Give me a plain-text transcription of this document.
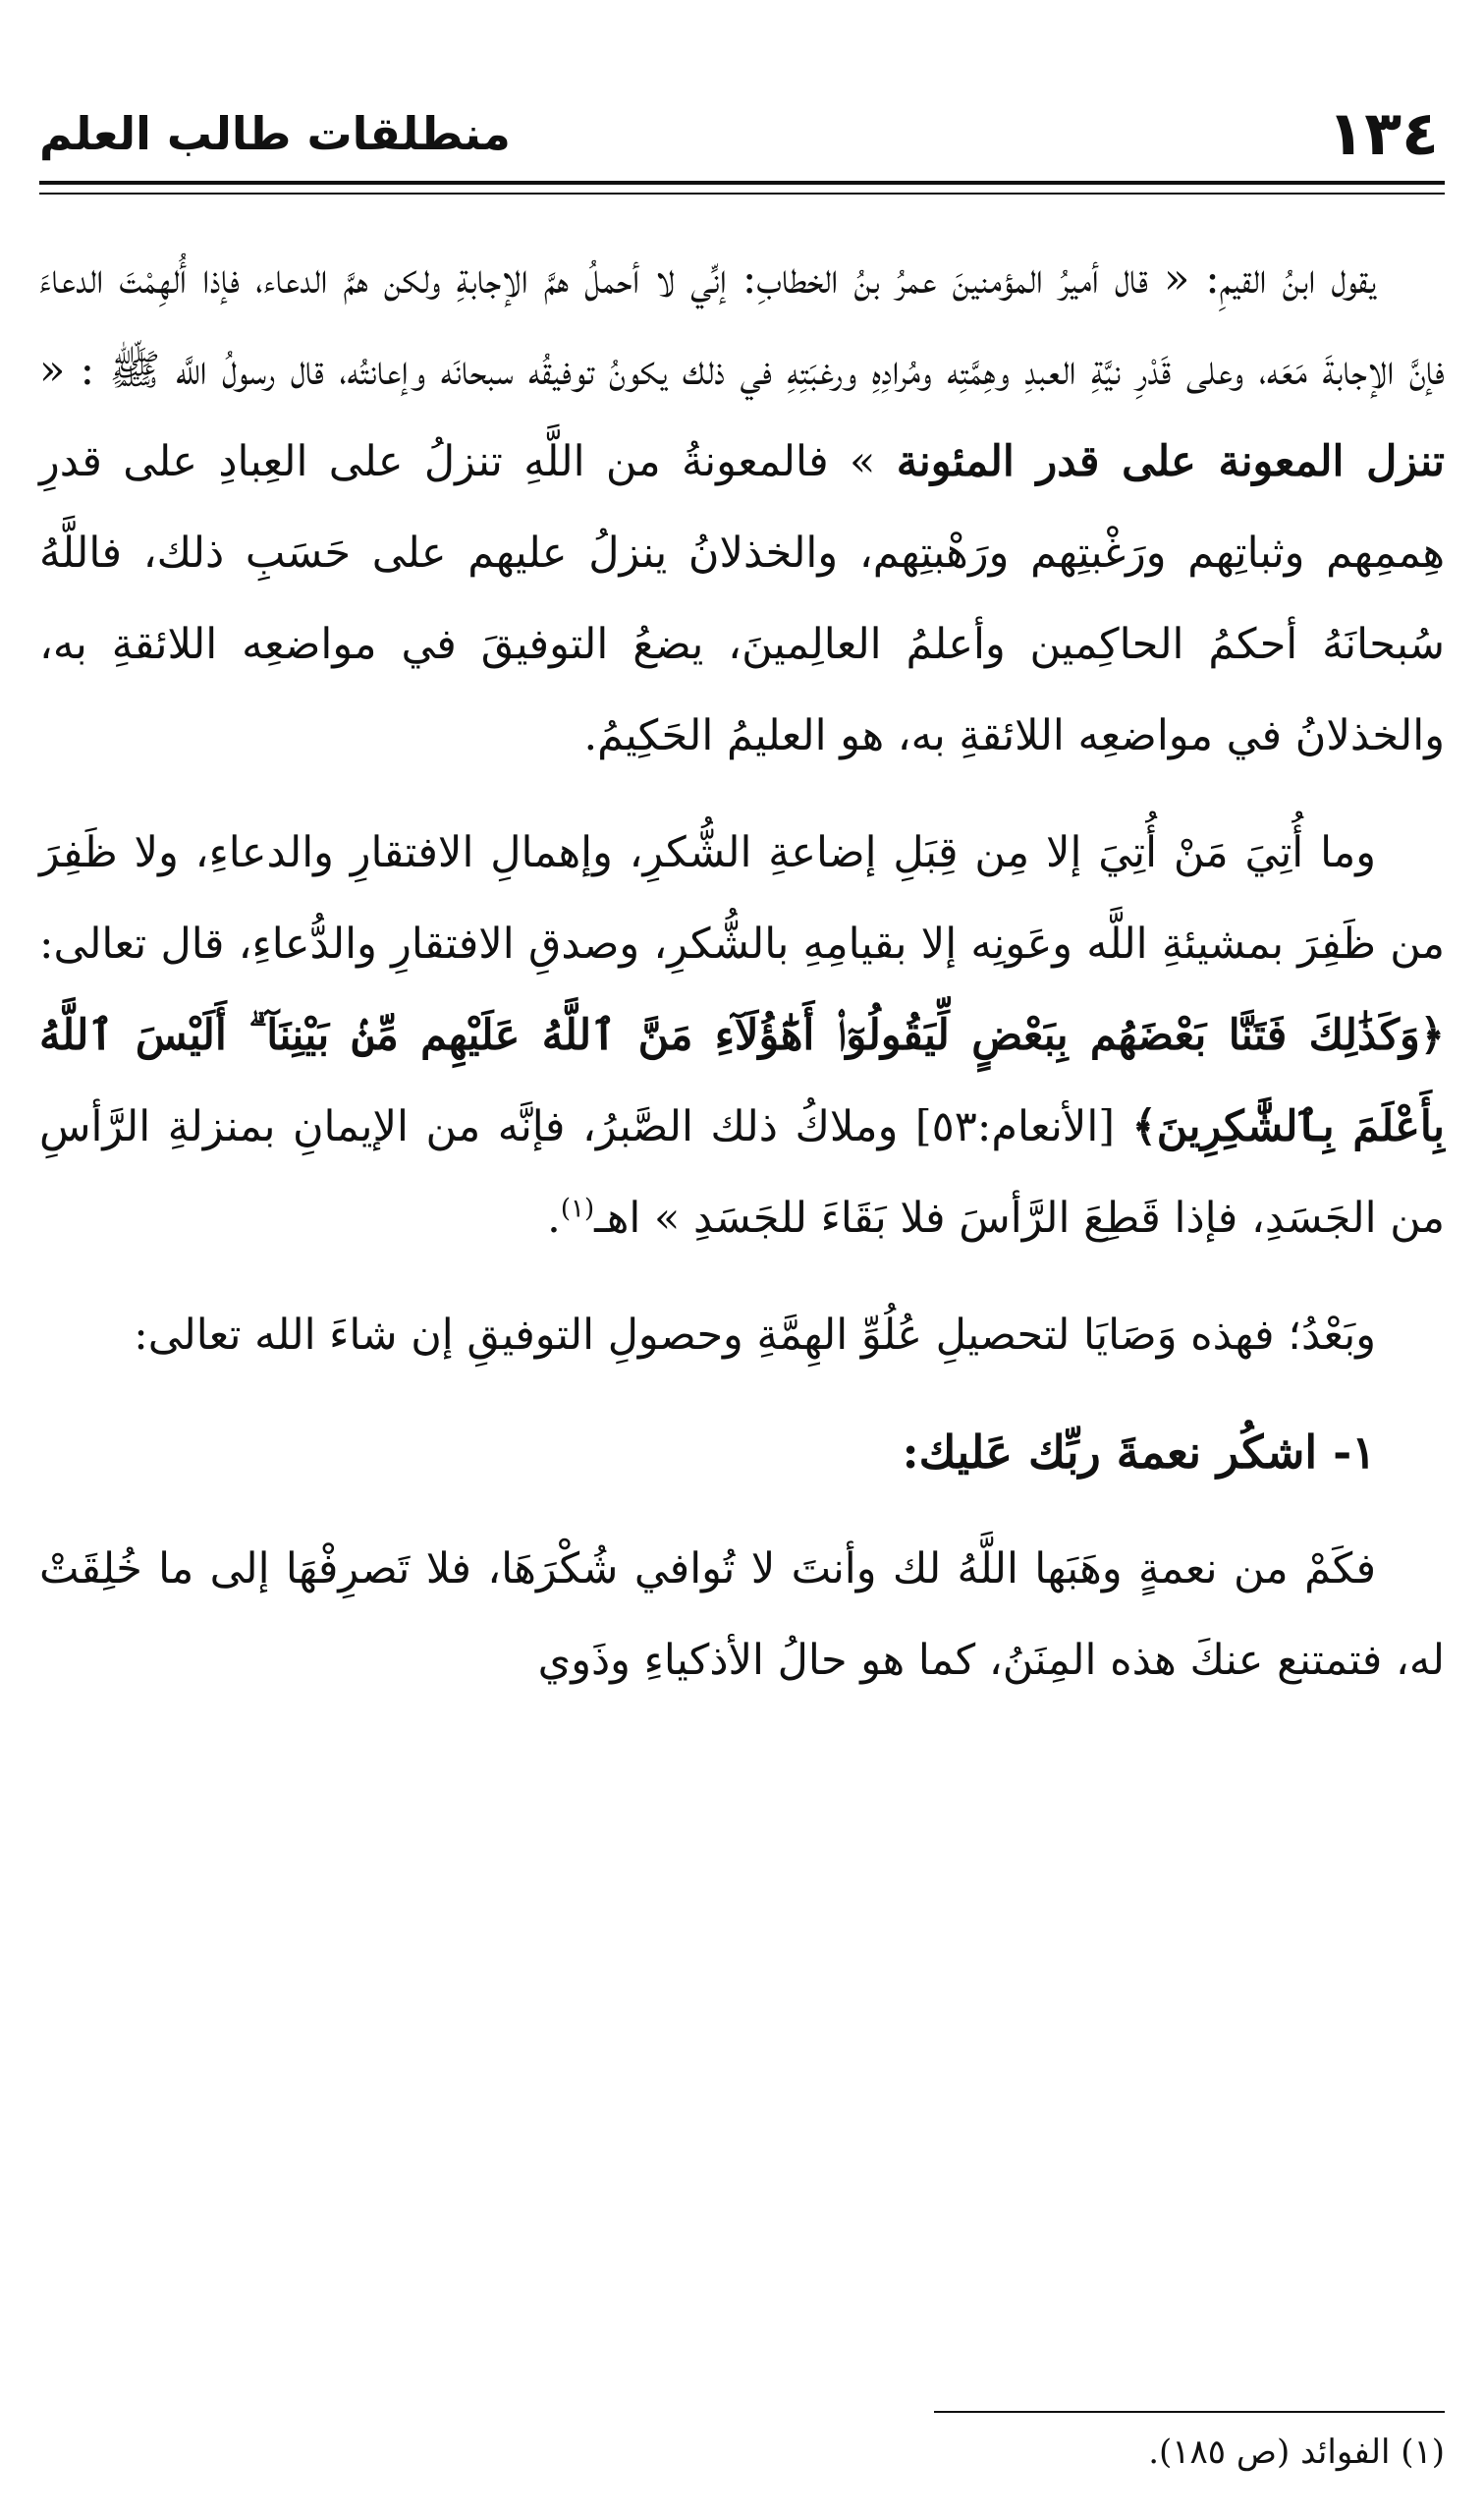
١٣٤
منطلقات طالب العلم

يقول ابنُ القيمِ: « قال أميرُ المؤمنينَ عمرُ بنُ الخطابِ: إنِّي لا أحملُ همَّ الإجابةِ ولكن همَّ الدعاء، فإذا أُلهِمْتَ الدعاءَ فإنَّ الإجابةَ مَعَه، وعلى قَدْرِ نيَّةِ العبدِ وهِمَّتِه ومُرادِهِ ورغبَتِهِ في ذلك يكونُ توفيقُه سبحانَه وإعانتُه، قال رسولُ اللَّه ﷺ : « تنزل المعونة على قدر المئونة » فالمعونةُ من اللَّهِ تنزلُ على العِبادِ على قدرِ هِممِهم وثباتِهم ورَغْبتِهم ورَهْبتِهم، والخذلانُ ينزلُ عليهم على حَسَبِ ذلك، فاللَّهُ سُبحانَهُ أحكمُ الحاكِمين وأعلمُ العالِمينَ، يضعُ التوفيقَ في مواضعِه اللائقةِ به، والخذلانُ في مواضعِه اللائقةِ به، هو العليمُ الحَكِيمُ.

وما أُتِيَ مَنْ أُتِيَ إلا مِن قِبَلِ إضاعةِ الشُّكرِ، وإهمالِ الافتقارِ والدعاءِ، ولا ظَفِرَ من ظَفِرَ بمشيئةِ اللَّه وعَونِه إلا بقيامِهِ بالشُّكرِ، وصدقِ الافتقارِ والدُّعاءِ، قال تعالى: ﴿وَكَذَٰلِكَ فَتَنَّا بَعْضَهُم بِبَعْضٍ لِّيَقُولُوٓا۟ أَهَٰٓؤُلَآءِ مَنَّ ٱللَّهُ عَلَيْهِم مِّنۢ بَيْنِنَآ ۗ أَلَيْسَ ٱللَّهُ بِأَعْلَمَ بِٱلشَّٰكِرِينَ﴾ [الأنعام:٥٣] وملاكُ ذلك الصَّبرُ، فإنَّه من الإيمانِ بمنزلةِ الرَّأسِ من الجَسَدِ، فإذا قَطِعَ الرَّأسَ فلا بَقَاءَ للجَسَدِ » اهـ$^{(١)}$.

وبَعْدُ؛ فهذه وَصَايَا لتحصيلِ عُلُوِّ الهِمَّةِ وحصولِ التوفيقِ إن شاءَ الله تعالى:

١- اشكُر نعمةَ ربِّك عَليك:

فكَمْ من نعمةٍ وهَبَها اللَّهُ لك وأنتَ لا تُوافي شُكْرَهَا، فلا تَصرِفْهَا إلى ما خُلِقَتْ له، فتمتنع عنكَ هذه المِنَنُ، كما هو حالُ الأذكياءِ وذَوي

(١) الفوائد (ص ١٨٥).
